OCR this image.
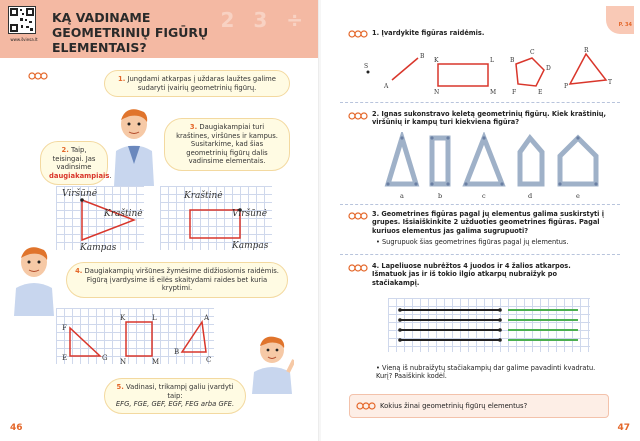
www.šviesa.lt
KĄ VADINAME GEOMETRINIŲ FIGŪRŲ ELEMENTAIS?
2 3 ÷
1. Jungdami atkarpas į uždaras laužtes galime sudaryti įvairių geometrinių figūrų.
3. Daugiakampiai turi kraštines, viršūnes ir kampus. Susitarkime, kad šias geometrinių figūrų dalis vadinsime elementais.
2. Taip, teisingai. Jas vadinsime daugiakampiais.
Viršūnė
Kraštinė
Kampas
Kraštinė
Viršūnė
Kampas
4. Daugiakampių viršūnes žymėsime didžiosiomis raidėmis. Figūrą įvardysime iš eilės skaitydami raides bet kuria kryptimi.
F
E	G
K	L
N	M
A
B
C
5. Vadinasi, trikampį galiu įvardyti taip:
EFG, FGE, GEF, EGF, FEG arba GFE.
46
P. 34
1. Įvardykite figūras raidėmis.
S
A
B
K	L
N	M
B
C
D
E
F
R
P
T
2. Ignas sukonstravo keletą geometrinių figūrų. Kiek kraštinių, viršūnių ir kampų turi kiekviena figūra?
a	b	c	d	e
3. Geometrines figūras pagal jų elementus galima suskirstyti į grupes. Išsiaiškinkite 2 užduoties geometrines figūras. Pagal kuriuos elementus jas galima sugrupuoti?
• Sugrupuok šias geometrines figūras pagal jų elementus.
4. Lapeliuose nubrėžtos 4 juodos ir 4 žalios atkarpos. Išmatuok jas ir iš tokio ilgio atkarpų nubraižyk po stačiakampį.
• Vieną iš nubraižytų stačiakampių dar galime pavadinti kvadratu. Kurį? Paaiškink kodėl.
Kokius žinai geometrinių figūrų elementus?
47
